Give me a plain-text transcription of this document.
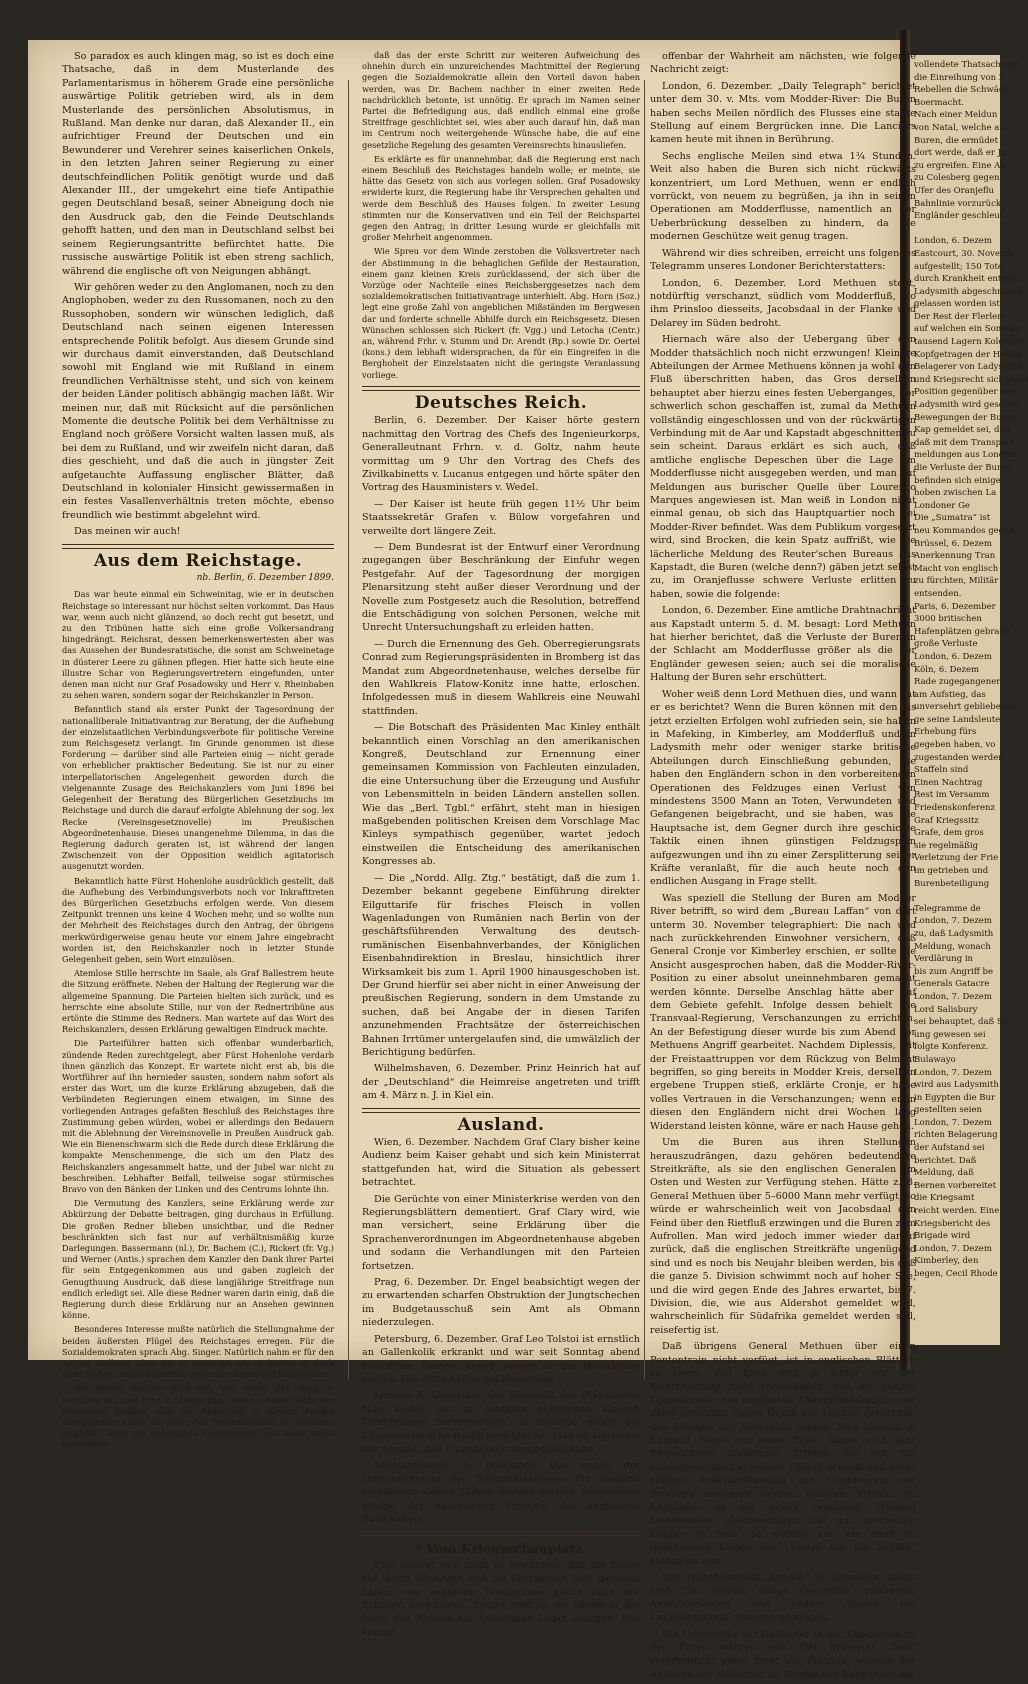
vollendete Thatsache be
die Einreihung von 2
Rebellen die Schwäch
Boermacht.
Nach einer Meldun
von Natal, welche au
Buren, die ermüdet
dort werde, daß er Ju
zu ergreifen. Eine Ab
zu Colesberg gegen
Ufer des Oranjeflu
Bahnlinie vorzurück
Engländer geschleut

London, 6. Dezem
Eastcourt, 30. Novemb
aufgestellt; 150 Tote
durch Krankheit entstan
Ladysmith abgeschnitten
gelassen worden ist.
Der Rest der Flerlen
auf welchen ein Sonntag
tausend Lagern Kolonnen
Kopfgetragen der Hollän
Belagerer von Ladysmith
und Kriegsrecht sich stellt
Position gegenüber den
Ladysmith wird geschos
Bewegungen der Buren
Kap gemeldet sei, daß
daß mit dem Transport
meldungen aus London
die Verluste der Buren
befinden sich einige
hoben zwischen La
Londoner Ge
Die „Sumatra“ ist
neu Kommandos gegen
Brüssel, 6. Dezem
Anerkennung Tran
Macht von englisch
zu fürchten, Militär
entsenden.
Paris, 6. Dezember
3000 britischen
Hafenplätzen gebrach
große Verluste
London, 6. Dezem
Köln, 6. Dezem
Rade zugegangener
am Aufstieg, das
unversehrt gebliebenen
ge seine Landsleute
Erhebung fürs
gegeben haben, vo
zugestanden werden
Staffeln sind
Einen Nachtrag
Rest im Versamm
Friedenskonferenz
Graf Kriegssitz
Grafe, dem gros
sie regelmäßig
Verletzung der Frie
im getrieben und
Burenbeteiligung

Telegramme de
London, 7. Dezem
zu, daß Ladysmith
Meldung, wonach
Verdlärung in
bis zum Angriff be
Generals Gatacre
London, 7. Dezem
Lord Salisbury
sei behauptet, daß Sa
ung gewesen sei
folgte Konferenz.
Bulawayo
London, 7. Dezem
wird aus Ladysmith
in Egypten die Bur
gestellten seien
London, 7. Dezem
richten Belagerung
der Aufstand sei
berichtet. Daß
Meldung, daß
Bernen vorbereitet
die Kriegsamt
reicht werden. Eine
Kriegsbericht des
Brigade wird
London, 7. Dezem
Kimberley, den
begen, Cecil Rhode

So paradox es auch klingen mag, so ist es doch eine Thatsache, daß in dem Musterlande des Parlamentarismus in höherem Grade eine persönliche auswärtige Politik getrieben wird, als in dem Musterlande des persönlichen Absolutismus, in Rußland. Man denke nur daran, daß Alexander II., ein aufrichtiger Freund der Deutschen und ein Bewunderer und Verehrer seines kaiserlichen Onkels, in den letzten Jahren seiner Regierung zu einer deutschfeindlichen Politik genötigt wurde und daß Alexander III., der umgekehrt eine tiefe Antipathie gegen Deutschland besaß, seiner Abneigung doch nie den Ausdruck gab, den die Feinde Deutschlands gehofft hatten, und den man in Deutschland selbst bei seinem Regierungsantritte befürchtet hatte. Die russische auswärtige Politik ist eben streng sachlich, während die englische oft von Neigungen abhängt.

Wir gehören weder zu den Anglomanen, noch zu den Anglophoben, weder zu den Russomanen, noch zu den Russophoben, sondern wir wünschen lediglich, daß Deutschland nach seinen eigenen Interessen entsprechende Politik befolgt. Aus diesem Grunde sind wir durchaus damit einverstanden, daß Deutschland sowohl mit England wie mit Rußland in einem freundlichen Verhältnisse steht, und sich von keinem der beiden Länder politisch abhängig machen läßt. Wir meinen nur, daß mit Rücksicht auf die persönlichen Momente die deutsche Politik bei dem Verhältnisse zu England noch größere Vorsicht walten lassen muß, als bei dem zu Rußland, und wir zweifeln nicht daran, daß dies geschieht, und daß die auch in jüngster Zeit aufgetauchte Auffassung englischer Blätter, daß Deutschland in kolonialer Hinsicht gewissermaßen in ein festes Vasallenverhältnis treten möchte, ebenso freundlich wie bestimmt abgelehnt wird.

Das meinen wir auch!

Aus dem Reichstage.
nb. Berlin, 6. Dezember 1899.

Das war heute einmal ein Schweinitag, wie er in deutschen Reichstage so interessant nur höchst selten vorkommt. Das Haus war, wenn auch nicht glänzend, so doch recht gut besetzt, und zu den Tribünen hatte sich eine große Volkersandrang hingedrängt. Reichsrat, dessen bemerkenswertesten aber was das Aussehen der Bundesratstische, die sonst am Schweinetage in düsterer Leere zu gähnen pflegen. Hier hatte sich heute eine illustre Schar von Regierungsvertretern eingefunden, unter denen man nicht nur Graf Posadowsky und Herr v. Rheinbaben zu sehen waren, sondern sogar der Reichskanzler in Person.

Befanntlich stand als erster Punkt der Tagesordnung der nationalliberale Initiativantrag zur Beratung, der die Aufhebung der einzelstaatlichen Verbindungsverbote für politische Vereine zum Reichsgesetz verlangt. Im Grunde genommen ist diese Forderung — darüber sind alle Parteien einig — nicht gerade von erheblicher praktischer Bedeutung. Sie ist nur zu einer interpellatorischen Angelegenheit geworden durch die vielgenannte Zusage des Reichskanzlers vom Juni 1896 bei Gelegenheit der Beratung des Bürgerlichen Gesetzbuchs im Reichstage und durch die darauf erfolgte Ablehnung der sog. lex Recke (Vereinsgesetznovelle) im Preußischen Abgeordnetenhause. Dieses unangenehme Dilemma, in das die Regierung dadurch geraten ist, ist während der langen Zwischenzeit von der Opposition weidlich agitatorisch ausgenutzt worden.

Bekanntlich hatte Fürst Hohenlohe ausdrücklich gestellt, daß die Aufhebung des Verbindungsverbots noch vor Inkrafttreten des Bürgerlichen Gesetzbuchs erfolgen werde. Von diesem Zeitpunkt trennen uns keine 4 Wochen mehr, und so wollte nun der Mehrheit des Reichstages durch den Antrag, der übrigens merkwürdigerweise genau heute vor einem Jahre eingebracht worden ist, den Reichskanzler noch in letzter Stunde Gelegenheit geben, sein Wort einzulösen.

Atemlose Stille herrschte im Saale, als Graf Ballestrem heute die Sitzung eröffnete. Neben der Haltung der Regierung war die allgemeine Spannung. Die Parteien hielten sich zurück, und es herrschte eine absolute Stille, nur von der Rednertribüne aus ertönte die Stimme des Redners. Man wartete auf das Wort des Reichskanzlers, dessen Erklärung gewaltigen Eindruck machte.

Die Parteiführer hatten sich offenbar wunderbarlich, zündende Reden zurechtgelegt, aber Fürst Hohenlohe verdarb ihnen gänzlich das Konzept. Er wartete nicht erst ab, bis die Wortführer auf ihn hernieder sausten, sondern nahm sofort als erster das Wort, um die kurze Erklärung abzugeben, daß die Verbündeten Regierungen einem etwaigen, im Sinne des vorliegenden Antrages gefaßten Beschluß des Reichstages ihre Zustimmung geben würden, wobei er allerdings den Bedauern mit die Ablehnung der Vereinsnovelle in Preußen Ausdruck gab. Wie ein Bienenschwarm sich die Rede durch diese Erklärung die kompakte Menschenmenge, die sich um den Platz des Reichskanzlers angesammelt hatte, und der Jubel war nicht zu beschreiben. Lebhafter Beifall, teilweise sogar stürmisches Bravo von den Bänken der Linken und des Centrums lohnte ihn.

Die Vermutung des Kanzlers, seine Erklärung werde zur Abkürzung der Debatte beitragen, ging durchaus in Erfüllung. Die großen Redner blieben unsichtbar, und die Redner beschränkten sich fast nur auf verhältnismäßig kurze Darlegungen. Bassermann (nl.), Dr. Bachem (C.), Rickert (fr. Vg.) und Werner (Antis.) sprachen dem Kanzler den Dank ihrer Partei für sein Entgegenkommen aus und gaben zugleich der Genugthuung Ausdruck, daß diese langjährige Streitfrage nun endlich erledigt sei. Alle diese Redner waren darin einig, daß die Regierung durch diese Erklärung nur an Ansehen gewinnen könne.

Besonderes Interesse mußte natürlich die Stellungnahme der beiden äußersten Flügel des Reichstages erregen. Für die Sozialdemokraten sprach Abg. Singer. Natürlich nahm er für den Antrag Stellung, aber wie es seine Art ist, so konnte er doch nicht umhin, einige Bosheiten gegen die Regierung loszulassen.

Die Rechte machte nicht mit. Von seiten der Abgg. v. Levetzow (k.) und Frhr. v. Stumm (Rp.) fielen scharfe Worte des Bedauerns darüber, daß die Regierung in diesem Punkte nachgegeben habe; das Wort des Reichskanzlers sei nunmehr eingelöst, aber ein gefestigtes Vereinsgesetz sei damit nicht geschaffen.

daß das der erste Schritt zur weiteren Aufweichung des ohnehin durch ein unzureichendes Machtmittel der Regierung gegen die Sozialdemokratie allein den Vorteil davon haben werden, was Dr. Bachem nachher in einer zweiten Rede nachdrücklich betonte, ist unnötig. Er sprach im Namen seiner Partei die Befriedigung aus, daß endlich einmal eine große Streitfrage geschlichtet sei, wies aber auch darauf hin, daß man im Centrum noch weitergehende Wünsche habe, die auf eine gesetzliche Regelung des gesamten Vereinsrechts hinausliefen.

Es erklärte es für unannehmbar, daß die Regierung erst nach einem Beschluß des Reichstages handeln wolle; er meinte, sie hätte das Gesetz von sich aus vorlegen sollen. Graf Posadowsky erwiderte kurz, die Regierung habe ihr Versprechen gehalten und werde dem Beschluß des Hauses folgen. In zweiter Lesung stimmten nur die Konservativen und ein Teil der Reichspartei gegen den Antrag; in dritter Lesung wurde er gleichfalls mit großer Mehrheit angenommen.

Wie Spreu vor dem Winde zerstoben die Volksvertreter nach der Abstimmung in die behaglichen Gefilde der Restauration, einem ganz kleinen Kreis zurücklassend, der sich über die Vorzüge oder Nachteile eines Reichsberggesetzes nach dem sozialdemokratischen Initiativantrage unterhielt. Abg. Horn (Soz.) legt eine große Zahl von angeblichen Mißständen im Bergwesen dar und forderte schnelle Abhilfe durch ein Reichsgesetz. Diesen Wünschen schlossen sich Rickert (fr. Vgg.) und Letocha (Centr.) an, während Frhr. v. Stumm und Dr. Arendt (Rp.) sowie Dr. Oertel (kons.) dem lebhaft widersprachen, da für ein Eingreifen in die Berghoheit der Einzelstaaten nicht die geringste Veranlassung vorliege.

Deutsches Reich.

Berlin, 6. Dezember. Der Kaiser hörte gestern nachmittag den Vortrag des Chefs des Ingenieurkorps, Generalleutnant Frhrn. v. d. Goltz, nahm heute vormittag um 9 Uhr den Vortrag des Chefs des Zivilkabinetts v. Lucanus entgegen und hörte später den Vortrag des Hausministers v. Wedel.

— Der Kaiser ist heute früh gegen 11½ Uhr beim Staatssekretär Grafen v. Bülow vorgefahren und verweilte dort längere Zeit.

— Dem Bundesrat ist der Entwurf einer Verordnung zugegangen über Beschränkung der Einfuhr wegen Pestgefahr. Auf der Tagesordnung der morgigen Plenarsitzung steht außer dieser Verordnung und der Novelle zum Postgesetz auch die Resolution, betreffend die Entschädigung von solchen Personen, welche mit Unrecht Untersuchungshaft zu erleiden hatten.

— Durch die Ernennung des Geh. Oberregierungsrats Conrad zum Regierungspräsidenten in Bromberg ist das Mandat zum Abgeordnetenhause, welches derselbe für den Wahlkreis Flatow-Konitz inne hatte, erloschen. Infolgedessen muß in diesem Wahlkreis eine Neuwahl stattfinden.

— Die Botschaft des Präsidenten Mac Kinley enthält bekanntlich einen Vorschlag an den amerikanischen Kongreß, Deutschland zur Ernennung einer gemeinsamen Kommission von Fachleuten einzuladen, die eine Untersuchung über die Erzeugung und Ausfuhr von Lebensmitteln in beiden Ländern anstellen sollen. Wie das „Berl. Tgbl.“ erfährt, steht man in hiesigen maßgebenden politischen Kreisen dem Vorschlage Mac Kinleys sympathisch gegenüber, wartet jedoch einstweilen die Entscheidung des amerikanischen Kongresses ab.

— Die „Nordd. Allg. Ztg.“ bestätigt, daß die zum 1. Dezember bekannt gegebene Einführung direkter Eilguttarife für frisches Fleisch in vollen Wagenladungen von Rumänien nach Berlin von der geschäftsführenden Verwaltung des deutsch-rumänischen Eisenbahnverbandes, der Königlichen Eisenbahndirektion in Breslau, hinsichtlich ihrer Wirksamkeit bis zum 1. April 1900 hinausgeschoben ist. Der Grund hierfür sei aber nicht in einer Anweisung der preußischen Regierung, sondern in dem Umstande zu suchen, daß bei Angabe der in diesen Tarifen anzunehmenden Frachtsätze der österreichischen Bahnen Irrtümer untergelaufen sind, die umwälzlich der Berichtigung bedürfen.

Wilhelmshaven, 6. Dezember. Prinz Heinrich hat auf der „Deutschland“ die Heimreise angetreten und trifft am 4. März n. J. in Kiel ein.

Ausland.

Wien, 6. Dezember. Nachdem Graf Clary bisher keine Audienz beim Kaiser gehabt und sich kein Ministerrat stattgefunden hat, wird die Situation als gebessert betrachtet.

Die Gerüchte von einer Ministerkrise werden von den Regierungsblättern dementiert. Graf Clary wird, wie man versichert, seine Erklärung über die Sprachenverordnungen im Abgeordnetenhause abgeben und sodann die Verhandlungen mit den Parteien fortsetzen.

Prag, 6. Dezember. Dr. Engel beabsichtigt wegen der zu erwartenden scharfen Obstruktion der Jungtschechen im Budgetausschuß sein Amt als Obmann niederzulegen.

Petersburg, 6. Dezember. Graf Leo Tolstoi ist ernstlich an Gallenkolik erkrankt und war seit Sonntag abend bewußtlos. Gestern abend gewann er das Bewußtsein zurück. Die Ärzte hoffen auf Besserung.

London, 6. Dezember. Die Botschaft des Präsidenten Mac Kinley hat in hiesigen politischen Kreisen Verstimmung hervorgerufen, da dieselbe gegen die Chamberlain'sche Politik gerichtet ist. Man ist allgemein der Ansicht, daß Chamberlain ausgespielt habe.

Konstantinopel, 6. Dezember. Die wegen der Unterzeichnung der Sympathieadresse für England verhafteten sieben Türken wurden gestern freigelassen infolge der energischen Proteste des englischen Botschafters.

* Vom Kriegsschauplatz.

Eins scheint sich nicht zu bestätigen, daß die Buren auf ihrem Rückzuge erst bei Spytfontein Halt gemacht haben, wie englische Telegramme gleich nach der Schlacht berichteten. Später hieß es, sie hätten in der Nähe des Flusses ein befestigtes Lager bezogen. Das kommt

offenbar der Wahrheit am nächsten, wie folgende Nachricht zeigt:

London, 6. Dezember. „Daily Telegraph“ berichtet unter dem 30. v. Mts. vom Modder-River: Die Buren haben sechs Meilen nördlich des Flusses eine starke Stellung auf einem Bergrücken inne. Die Lanciers kamen heute mit ihnen in Berührung.

Sechs englische Meilen sind etwa 1¾ Stunden. Weit also haben die Buren sich nicht rückwärts konzentriert, um Lord Methuen, wenn er endlich vorrückt, von neuem zu begrüßen, ja ihn in seinen Operationen am Modderflusse, namentlich an der Ueberbrückung desselben zu hindern, da die modernen Geschütze weit genug tragen.

Während wir dies schreiben, erreicht uns folgendes Telegramm unseres Londoner Berichterstatters:

London, 6. Dezember. Lord Methuen steht, notdürftig verschanzt, südlich vom Modderfluß, wo ihm Prinsloo diesseits, Jacobsdaal in der Flanke und Delarey im Süden bedroht.

Hiernach wäre also der Uebergang über den Modder thatsächlich noch nicht erzwungen! Kleinere Abteilungen der Armee Methuens können ja wohl den Fluß überschritten haben, das Gros derselben behauptet aber hierzu eines festen Ueberganges, der schwerlich schon geschaffen ist, zumal da Methuen vollständig eingeschlossen und von der rückwärtigen Verbindung mit de Aar und Kapstadt abgeschnitten zu sein scheint. Daraus erklärt es sich auch, daß amtliche englische Depeschen über die Lage am Modderflusse nicht ausgegeben werden, und man auf Meldungen aus burischer Quelle über Lourenço Marques angewiesen ist. Man weiß in London nicht einmal genau, ob sich das Hauptquartier noch bei Modder-River befindet. Was dem Publikum vorgesetzt wird, sind Brocken, die kein Spatz auffrißt, wie die lächerliche Meldung des Reuter'schen Bureaus aus Kapstadt, die Buren (welche denn?) gäben jetzt selbst zu, im Oranjeflusse schwere Verluste erlitten zu haben, sowie die folgende:

London, 6. Dezember. Eine amtliche Drahtnachricht aus Kapstadt unterm 5. d. M. besagt: Lord Methuen hat hierher berichtet, daß die Verluste der Buren in der Schlacht am Modderflusse größer als die der Engländer gewesen seien; auch sei die moralische Haltung der Buren sehr erschüttert.

Woher weiß denn Lord Methuen dies, und wann hat er es berichtet? Wenn die Buren können mit den bis jetzt erzielten Erfolgen wohl zufrieden sein, sie haben in Mafeking, in Kimberley, am Modderfluß und in Ladysmith mehr oder weniger starke britische Abteilungen durch Einschließung gebunden, sie haben den Engländern schon in den vorbereitenden Operationen des Feldzuges einen Verlust von mindestens 3500 Mann an Toten, Verwundeten und Gefangenen beigebracht, und sie haben, was die Hauptsache ist, dem Gegner durch ihre geschickte Taktik einen ihnen günstigen Feldzugsplan aufgezwungen und ihn zu einer Zersplitterung seiner Kräfte veranlaßt, für die auch heute noch den endlichen Ausgang in Frage stellt.

Was speziell die Stellung der Buren am Modder River betrifft, so wird dem „Bureau Laffan“ von dort unterm 30. November telegraphiert: Die nach und nach zurückkehrenden Einwohner versichern, daß General Cronje vor Kimberley erschien, er sollte die Ansicht ausgesprochen haben, daß die Modder-River-Position zu einer absolut uneinnehmbaren gemacht werden könnte. Derselbe Anschlag hätte aber auf dem Gebiete gefehlt. Infolge dessen behielt die Transvaal-Regierung, Verschanzungen zu errichten. An der Befestigung dieser wurde bis zum Abend vor Methuens Angriff gearbeitet. Nachdem Diplessis, mit der Freistaattruppen vor dem Rückzug von Belmont begriffen, so ging bereits in Modder Kreis, derselben ergebene Truppen stieß, erklärte Cronje, er habe volles Vertrauen in die Verschanzungen; wenn er in diesen den Engländern nicht drei Wochen lang Widerstand leisten könne, wäre er nach Hause gehen.

Um die Buren aus ihren Stellungen herauszudrängen, dazu gehören bedeutendere Streitkräfte, als sie den englischen Generalen im Osten und Westen zur Verfügung stehen. Hätte z. B. General Methuen über 5–6000 Mann mehr verfügt, so würde er wahrscheinlich weit von Jacobsdaal den Feind über den Rietfluß erzwingen und die Buren zum Aufrollen. Man wird jedoch immer wieder darauf zurück, daß die englischen Streitkräfte ungenügend sind und es noch bis Neujahr bleiben werden, bis daß die ganze 5. Division schwimmt noch auf hoher See, und die wird gegen Ende des Jahres erwartet, bis 7. Division, die, wie aus Aldershot gemeldet wird, wahrscheinlich für Südafrika gemeldet werden soll, reisefertig ist.

Daß übrigens General Methuen über einen Pontontrain nicht verfügt, ist in englischen Blättern zu lesen. Wie kann sich ja leider nur der Wahrnehmung nicht verschließen, daß die ganzen Dispositionen des englischen Oberbefehlshabers, der dabei jedenfalls einem Druck aus London gehorchte, den Stempel der Nervosität tragen. Man braucht ja England Siege um jeden Preis, haben sich sehr fragwürdigen bisherigen Erfolge, die nur mit außergewöhnlich schweren Opfern erkauft und unter völliger Außerachtlassung der Grundregeln der Strategie errungen werden konnten. Hätten die Engländer es mit einem regulären Truppen bestehenden, gleichwertigen und gut geschulten Gegner zu thun, so würden sie, wie einst im trojanischen Kriege der „Kampf um die Schiffe“ entbrannt sein.

Das Transportschiff „Ismore“ ist gesunken. Damit sind 230 Pferde, einige Geschütze, zahlreiche Ambulanzwagen und andere Wagen mit Lazarettmaterial verloren gegangen.

Die Uebertritte der Holländer in der Kapkolonie zu den Buren mehren sich. Der Brüsseler „Soir“ veröffentlicht einen Brief aus Prätoria, wonach der Aufstand der Holländer im Norden der Kapkolonie als
